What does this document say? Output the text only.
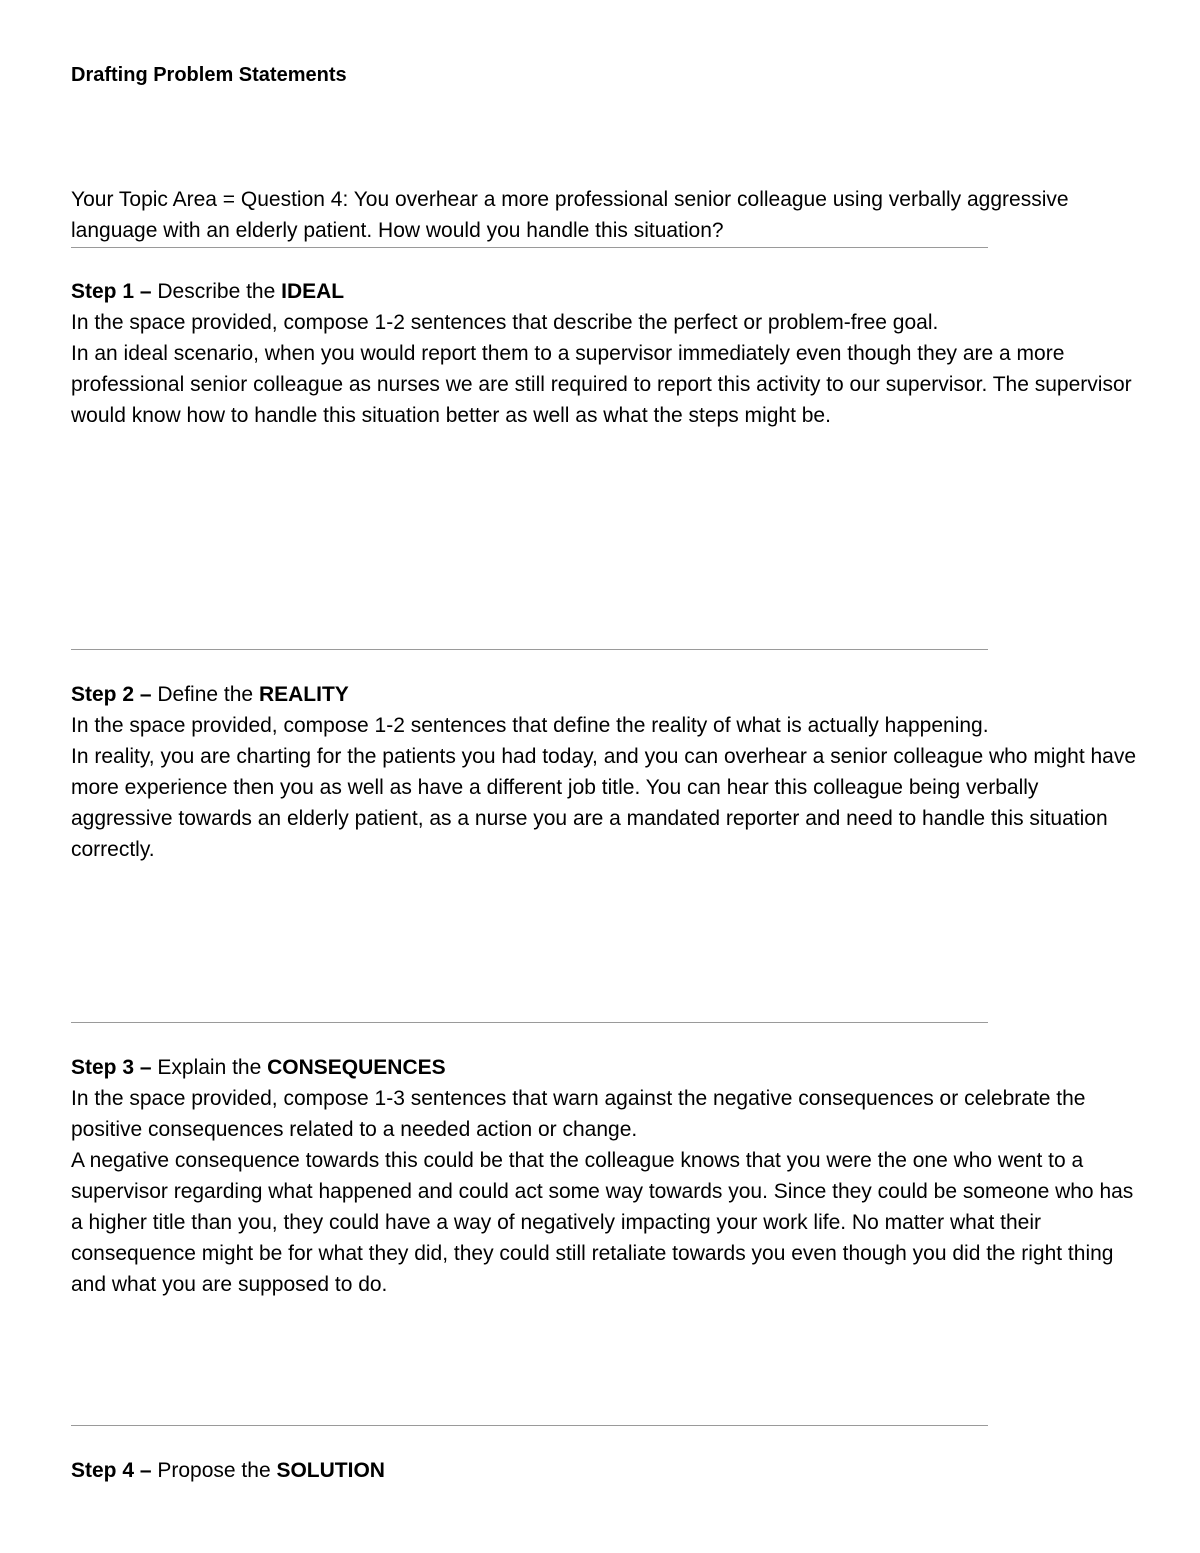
Drafting Problem Statements

Your Topic Area = Question 4: You overhear a more professional senior colleague using verbally aggressive language with an elderly patient. How would you handle this situation?

Step 1 – Describe the IDEAL

In the space provided, compose 1-2 sentences that describe the perfect or problem-free goal.

In an ideal scenario, when you would report them to a supervisor immediately even though they are a more professional senior colleague as nurses we are still required to report this activity to our supervisor. The supervisor would know how to handle this situation better as well as what the steps might be.

Step 2 – Define the REALITY

In the space provided, compose 1-2 sentences that define the reality of what is actually happening.

In reality, you are charting for the patients you had today, and you can overhear a senior colleague who might have more experience then you as well as have a different job title. You can hear this colleague being verbally aggressive towards an elderly patient, as a nurse you are a mandated reporter and need to handle this situation correctly.

Step 3 – Explain the CONSEQUENCES

In the space provided, compose 1-3 sentences that warn against the negative consequences or celebrate the positive consequences related to a needed action or change.

A negative consequence towards this could be that the colleague knows that you were the one who went to a supervisor regarding what happened and could act some way towards you. Since they could be someone who has a higher title than you, they could have a way of negatively impacting your work life. No matter what their consequence might be for what they did, they could still retaliate towards you even though you did the right thing and what you are supposed to do.

Step 4 – Propose the SOLUTION
